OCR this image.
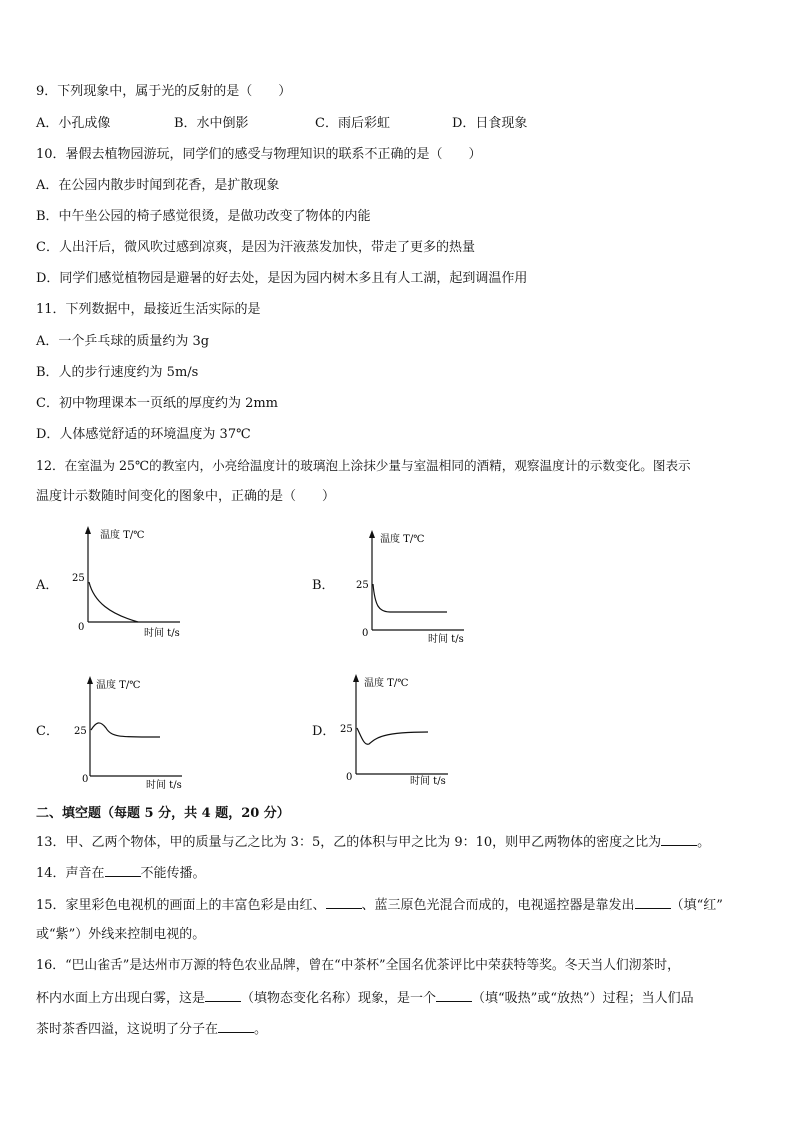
9．下列现象中，属于光的反射的是（　　）
A．小孔成像	B．水中倒影	C．雨后彩虹	D．日食现象
10．暑假去植物园游玩，同学们的感受与物理知识的联系不正确的是（　　）
A．在公园内散步时闻到花香，是扩散现象
B．中午坐公园的椅子感觉很烫，是做功改变了物体的内能
C．人出汗后，微风吹过感到凉爽，是因为汗液蒸发加快，带走了更多的热量
D．同学们感觉植物园是避暑的好去处，是因为园内树木多且有人工湖，起到调温作用
11．下列数据中，最接近生活实际的是
A．一个乒乓球的质量约为 3g
B．人的步行速度约为 5m/s
C．初中物理课本一页纸的厚度约为 2mm
D．人体感觉舒适的环境温度为 37℃
12．在室温为 25℃的教室内，小亮给温度计的玻璃泡上涂抹少量与室温相同的酒精，观察温度计的示数变化。图表示
温度计示数随时间变化的图象中，正确的是（　　）
A．
温度 T/℃
25
0
时间 t/s
B．
温度 T/℃
25
0
时间 t/s
C．
温度 T/℃
25
0
时间 t/s
D．
温度 T/℃
25
0	时间 t/s
二、填空题（每题 5 分，共 4 题，20 分）
13．甲、乙两个物体，甲的质量与乙之比为 3：5，乙的体积与甲之比为 9：10，则甲乙两物体的密度之比为	。
14．声音在	不能传播。
15．家里彩色电视机的画面上的丰富色彩是由红、	、蓝三原色光混合而成的，电视遥控器是靠发出	（填“红”
或“紫”）外线来控制电视的。
16．“巴山雀舌”是达州市万源的特色农业品牌，曾在“中茶杯”全国名优茶评比中荣获特等奖。冬天当人们沏茶时，
杯内水面上方出现白雾，这是	（填物态变化名称）现象，是一个	（填“吸热”或“放热”）过程；当人们品
茶时茶香四溢，这说明了分子在	。
